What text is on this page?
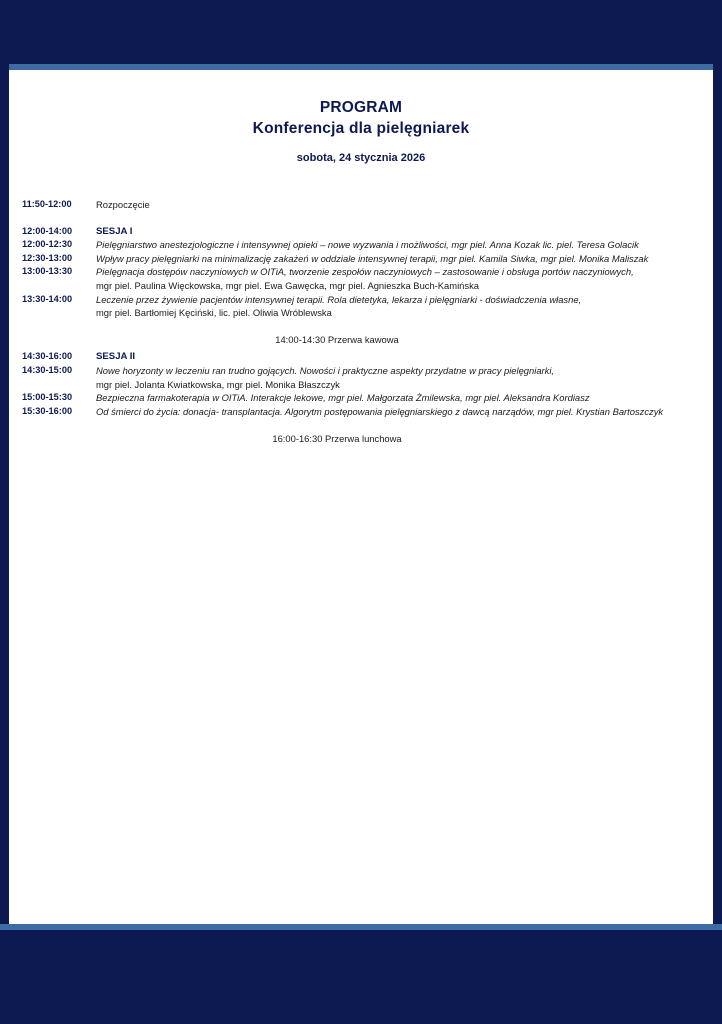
PROGRAM
Konferencja dla pielęgniarek
sobota, 24 stycznia 2026
11:50-12:00	Rozpoczęcie
12:00-14:00	SESJA I
12:00-12:30	Pielęgniarstwo anestezjologiczne i intensywnej opieki – nowe wyzwania i możliwości, mgr piel. Anna Kozak lic. piel. Teresa Golacik
12:30-13:00	Wpływ pracy pielęgniarki na minimalizację zakażeń w oddziale intensywnej terapii, mgr piel. Kamila Siwka, mgr piel. Monika Maliszak
13:00-13:30	Pielęgnacja dostępów naczyniowych w OITiA, tworzenie zespołów naczyniowych – zastosowanie i obsługa portów naczyniowych,
mgr piel. Paulina Więckowska, mgr piel. Ewa Gawęcka, mgr piel. Agnieszka Buch-Kamińska
13:30-14:00	Leczenie przez żywienie pacjentów intensywnej terapii. Rola dietetyka, lekarza i pielęgniarki - doświadczenia własne,
mgr piel. Bartłomiej Kęciński, lic. piel. Oliwia Wróblewska
14:00-14:30 Przerwa kawowa
14:30-16:00	SESJA II
14:30-15:00	Nowe horyzonty w leczeniu ran trudno gojących. Nowości i praktyczne aspekty przydatne w pracy pielęgniarki,
mgr piel. Jolanta Kwiatkowska, mgr piel. Monika Błaszczyk
15:00-15:30	Bezpieczna farmakoterapia w OITiA. Interakcje lekowe, mgr piel. Małgorzata Żmilewska, mgr piel. Aleksandra Kordiasz
15:30-16:00	Od śmierci do życia: donacja- transplantacja. Algorytm postępowania pielęgniarskiego z dawcą narządów, mgr piel. Krystian Bartoszczyk
16:00-16:30 Przerwa lunchowa
